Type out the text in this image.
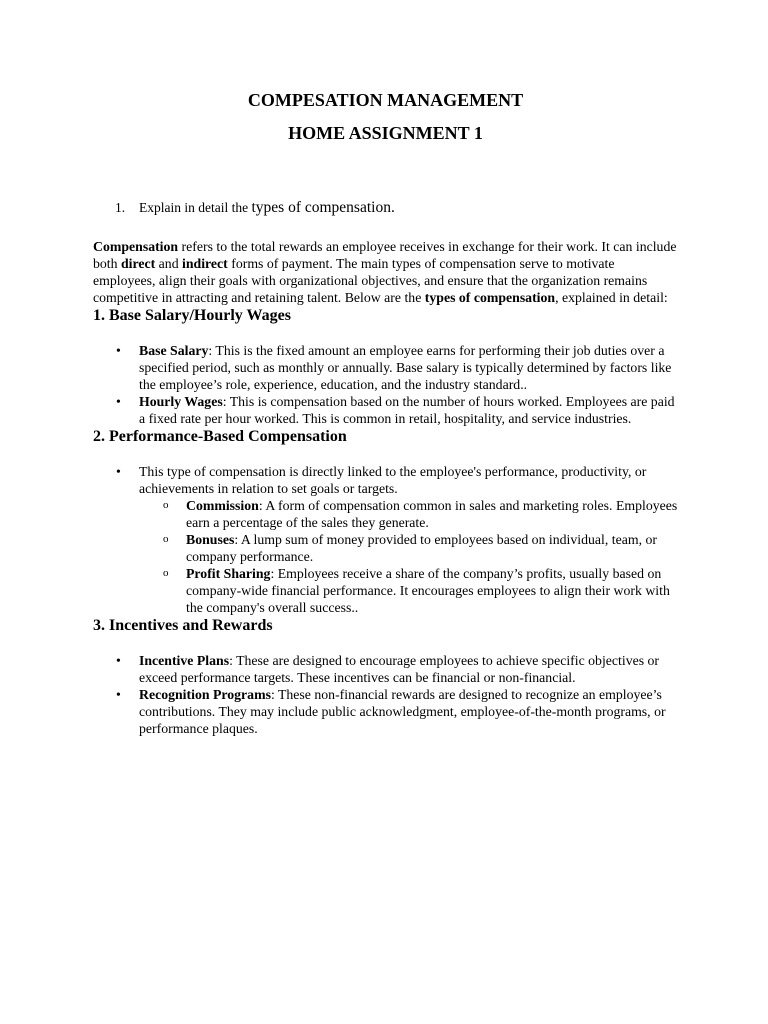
COMPESATION MANAGEMENT
HOME ASSIGNMENT 1
1.	Explain in detail the types of compensation.

Compensation refers to the total rewards an employee receives in exchange for their work. It can include both direct and indirect forms of payment. The main types of compensation serve to motivate employees, align their goals with organizational objectives, and ensure that the organization remains competitive in attracting and retaining talent. Below are the types of compensation, explained in detail:

1. Base Salary/Hourly Wages
• Base Salary: This is the fixed amount an employee earns for performing their job duties over a specified period, such as monthly or annually. Base salary is typically determined by factors like the employee’s role, experience, education, and the industry standard..
• Hourly Wages: This is compensation based on the number of hours worked. Employees are paid a fixed rate per hour worked. This is common in retail, hospitality, and service industries.
2. Performance-Based Compensation
• This type of compensation is directly linked to the employee's performance, productivity, or achievements in relation to set goals or targets.
o Commission: A form of compensation common in sales and marketing roles. Employees earn a percentage of the sales they generate.
o Bonuses: A lump sum of money provided to employees based on individual, team, or company performance.
o Profit Sharing: Employees receive a share of the company’s profits, usually based on company-wide financial performance. It encourages employees to align their work with the company's overall success..
3. Incentives and Rewards
• Incentive Plans: These are designed to encourage employees to achieve specific objectives or exceed performance targets. These incentives can be financial or non-financial.
• Recognition Programs: These non-financial rewards are designed to recognize an employee’s contributions. They may include public acknowledgment, employee-of-the-month programs, or performance plaques.
